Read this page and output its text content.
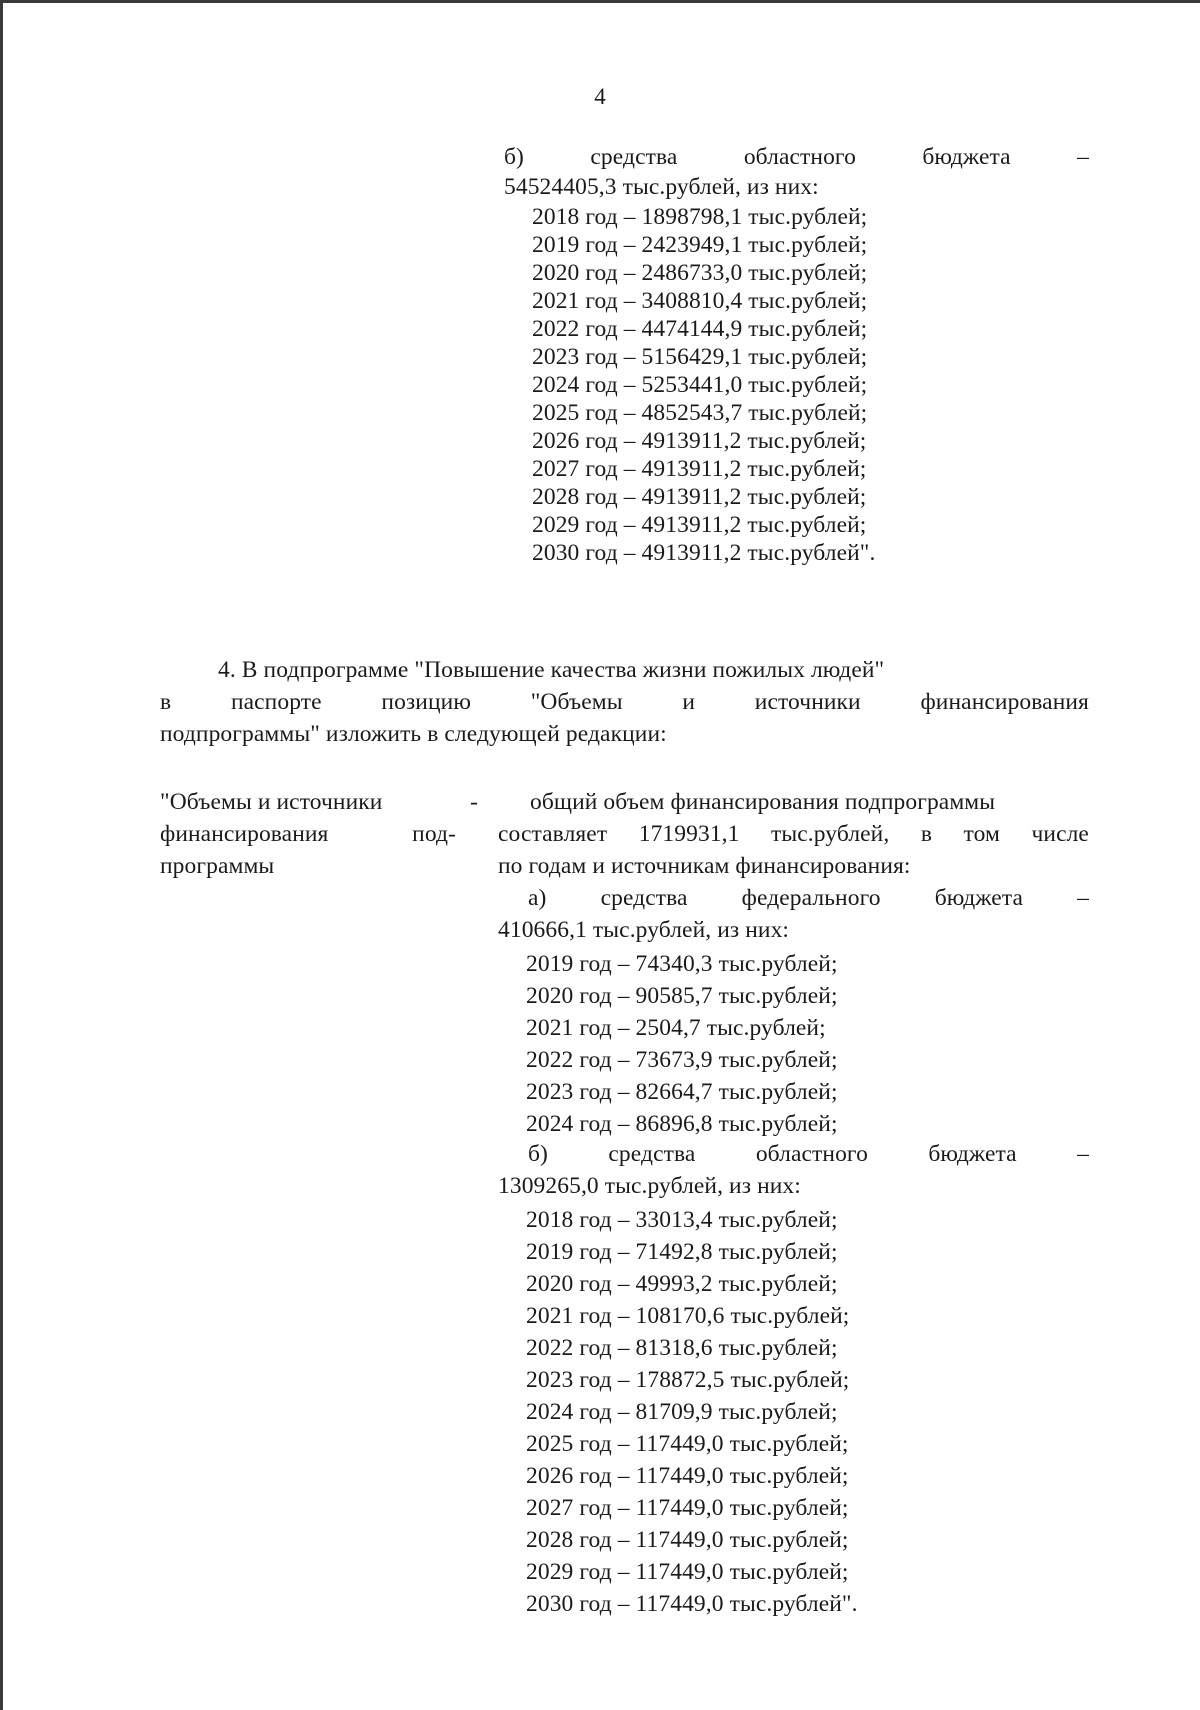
4
б)	средства	областного	бюджета	–
54524405,3 тыс.рублей, из них:
2018 год – 1898798,1 тыс.рублей;
2019 год – 2423949,1 тыс.рублей;
2020 год – 2486733,0 тыс.рублей;
2021 год – 3408810,4 тыс.рублей;
2022 год – 4474144,9 тыс.рублей;
2023 год – 5156429,1 тыс.рублей;
2024 год – 5253441,0 тыс.рублей;
2025 год – 4852543,7 тыс.рублей;
2026 год – 4913911,2 тыс.рублей;
2027 год – 4913911,2 тыс.рублей;
2028 год – 4913911,2 тыс.рублей;
2029 год – 4913911,2 тыс.рублей;
2030 год – 4913911,2 тыс.рублей".
4. В подпрограмме "Повышение качества жизни пожилых людей"
в	паспорте	позицию	"Объемы	и	источники	финансирования
подпрограммы" изложить в следующей редакции:
"Объемы и источники	-
финансирования	под-
программы
общий объем финансирования подпрограммы
составляет 1719931,1 тыс.рублей, в том числе
по годам и источникам финансирования:
а) средства федерального бюджета –
410666,1 тыс.рублей, из них:
2019 год – 74340,3 тыс.рублей;
2020 год – 90585,7 тыс.рублей;
2021 год – 2504,7 тыс.рублей;
2022 год – 73673,9 тыс.рублей;
2023 год – 82664,7 тыс.рублей;
2024 год – 86896,8 тыс.рублей;
б)	средства	областного	бюджета	–
1309265,0 тыс.рублей, из них:
2018 год – 33013,4 тыс.рублей;
2019 год – 71492,8 тыс.рублей;
2020 год – 49993,2 тыс.рублей;
2021 год – 108170,6 тыс.рублей;
2022 год – 81318,6 тыс.рублей;
2023 год – 178872,5 тыс.рублей;
2024 год – 81709,9 тыс.рублей;
2025 год – 117449,0 тыс.рублей;
2026 год – 117449,0 тыс.рублей;
2027 год – 117449,0 тыс.рублей;
2028 год – 117449,0 тыс.рублей;
2029 год – 117449,0 тыс.рублей;
2030 год – 117449,0 тыс.рублей".
